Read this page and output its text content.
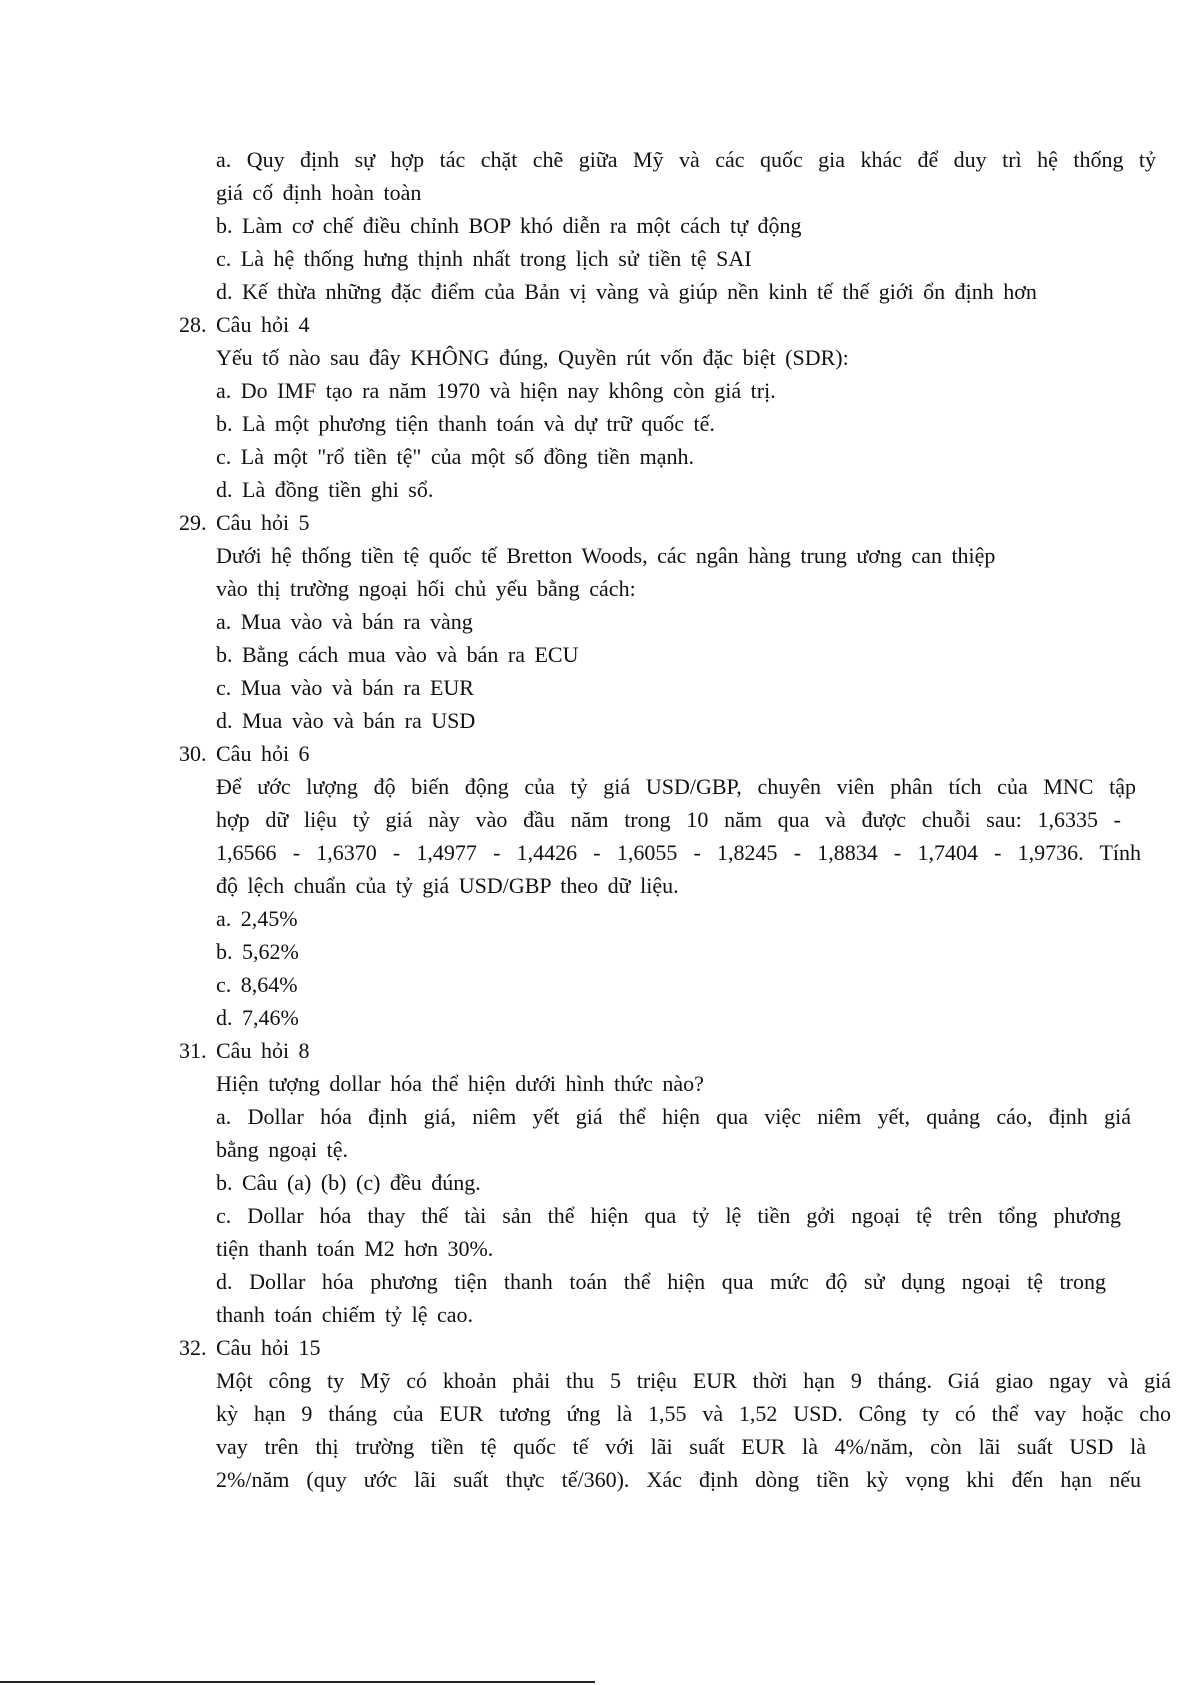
a. Quy định sự hợp tác chặt chẽ giữa Mỹ và các quốc gia khác để duy trì hệ thống tỷ
giá cố định hoàn toàn
b. Làm cơ chế điều chỉnh BOP khó diễn ra một cách tự động
c. Là hệ thống hưng thịnh nhất trong lịch sử tiền tệ SAI
d. Kế thừa những đặc điểm của Bản vị vàng và giúp nền kinh tế thế giới ổn định hơn
28. Câu hỏi 4
Yếu tố nào sau đây KHÔNG đúng, Quyền rút vốn đặc biệt (SDR):
a. Do IMF tạo ra năm 1970 và hiện nay không còn giá trị.
b. Là một phương tiện thanh toán và dự trữ quốc tế.
c. Là một "rổ tiền tệ" của một số đồng tiền mạnh.
d. Là đồng tiền ghi sổ.
29. Câu hỏi 5
Dưới hệ thống tiền tệ quốc tế Bretton Woods, các ngân hàng trung ương can thiệp
vào thị trường ngoại hối chủ yếu bằng cách:
a. Mua vào và bán ra vàng
b. Bằng cách mua vào và bán ra ECU
c. Mua vào và bán ra EUR
d. Mua vào và bán ra USD
30. Câu hỏi 6
Để ước lượng độ biến động của tỷ giá USD/GBP, chuyên viên phân tích của MNC tập
hợp dữ liệu tỷ giá này vào đầu năm trong 10 năm qua và được chuỗi sau: 1,6335 -
1,6566 - 1,6370 - 1,4977 - 1,4426 - 1,6055 - 1,8245 - 1,8834 - 1,7404 - 1,9736. Tính
độ lệch chuẩn của tỷ giá USD/GBP theo dữ liệu.
a. 2,45%
b. 5,62%
c. 8,64%
d. 7,46%
31. Câu hỏi 8
Hiện tượng dollar hóa thể hiện dưới hình thức nào?
a. Dollar hóa định giá, niêm yết giá thể hiện qua việc niêm yết, quảng cáo, định giá
bằng ngoại tệ.
b. Câu (a) (b) (c) đều đúng.
c. Dollar hóa thay thế tài sản thể hiện qua tỷ lệ tiền gởi ngoại tệ trên tổng phương
tiện thanh toán M2 hơn 30%.
d. Dollar hóa phương tiện thanh toán thể hiện qua mức độ sử dụng ngoại tệ trong
thanh toán chiếm tỷ lệ cao.
32. Câu hỏi 15
Một công ty Mỹ có khoản phải thu 5 triệu EUR thời hạn 9 tháng. Giá giao ngay và giá
kỳ hạn 9 tháng của EUR tương ứng là 1,55 và 1,52 USD. Công ty có thể vay hoặc cho
vay trên thị trường tiền tệ quốc tế với lãi suất EUR là 4%/năm, còn lãi suất USD là
2%/năm (quy ước lãi suất thực tế/360). Xác định dòng tiền kỳ vọng khi đến hạn nếu
